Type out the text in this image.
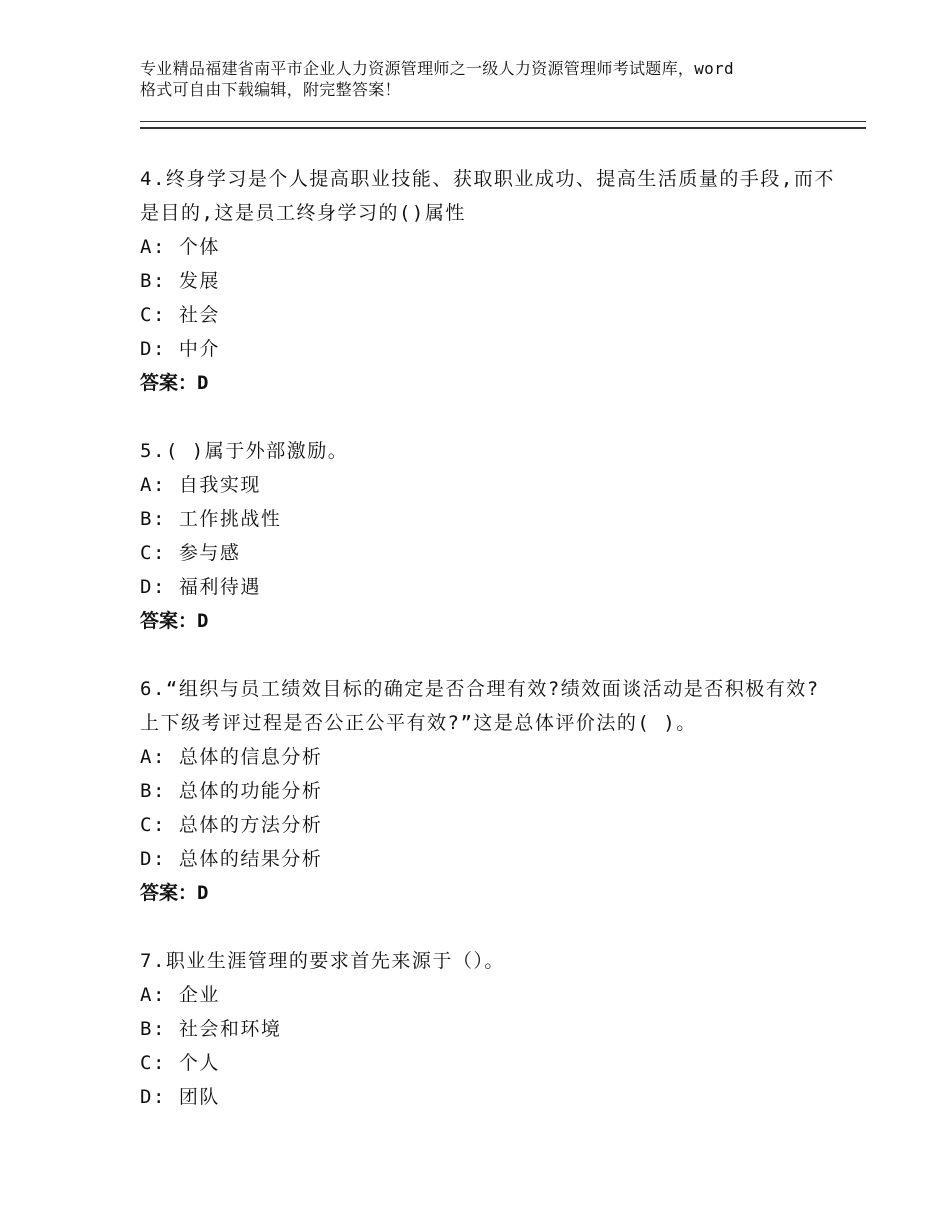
专业精品福建省南平市企业人力资源管理师之一级人力资源管理师考试题库，word
格式可自由下载编辑，附完整答案！
4.终身学习是个人提高职业技能、获取职业成功、提高生活质量的手段,而不是目的,这是员工终身学习的()属性
A: 个体
B: 发展
C: 社会
D: 中介
答案：D
5.( )属于外部激励。
A: 自我实现
B: 工作挑战性
C: 参与感
D: 福利待遇
答案：D
6.“组织与员工绩效目标的确定是否合理有效?绩效面谈活动是否积极有效?上下级考评过程是否公正公平有效?”这是总体评价法的( )。
A: 总体的信息分析
B: 总体的功能分析
C: 总体的方法分析
D: 总体的结果分析
答案：D
7.职业生涯管理的要求首先来源于（）。
A: 企业
B: 社会和环境
C: 个人
D: 团队
